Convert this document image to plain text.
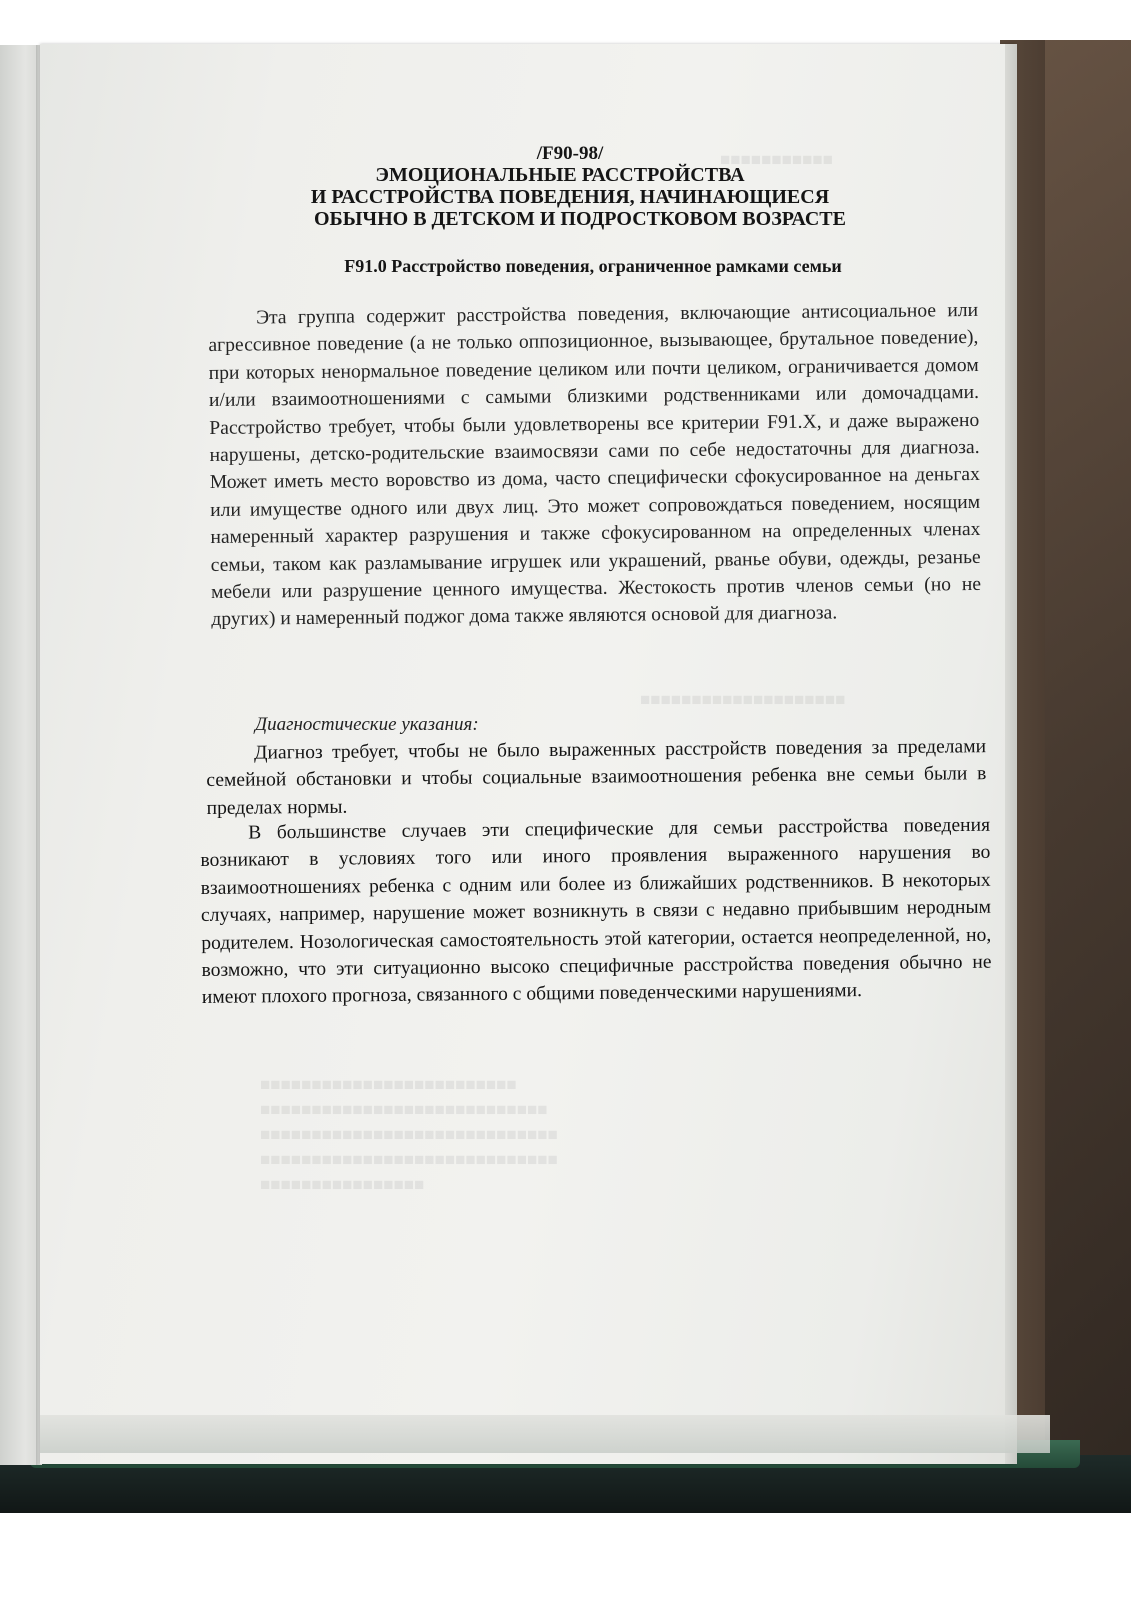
■■■■■■■■■■■
■■■■■■■■■■■■■■■■■■■■
■■■■■■■■■■■■■■■■■■■■■■■■■
■■■■■■■■■■■■■■■■■■■■■■■■■■■■
■■■■■■■■■■■■■■■■■■■■■■■■■■■■■
■■■■■■■■■■■■■■■■■■■■■■■■■■■■■
■■■■■■■■■■■■■■■■
/F90-98/
ЭМОЦИОНАЛЬНЫЕ РАССТРОЙСТВА
И РАССТРОЙСТВА ПОВЕДЕНИЯ, НАЧИНАЮЩИЕСЯ
ОБЫЧНО В ДЕТСКОМ И ПОДРОСТКОВОМ ВОЗРАСТЕ
F91.0 Расстройство поведения, ограниченное рамками семьи
Эта группа содержит расстройства поведения, включающие антисоциальное или агрессивное поведение (а не только оппозиционное, вызывающее, брутальное поведение), при которых ненормальное поведение целиком или почти целиком, ограничивается домом и/или взаимоотношениями с самыми близкими родственниками или домочадцами. Расстройство требует, чтобы были удовлетворены все критерии F91.X, и даже выражено нарушены, детско-родительские взаимосвязи сами по себе недостаточны для диагноза. Может иметь место воровство из дома, часто специфически сфокусированное на деньгах или имуществе одного или двух лиц. Это может сопровождаться поведением, носящим намеренный характер разрушения и также сфокусированном на определенных членах семьи, таком как разламывание игрушек или украшений, рванье обуви, одежды, резанье мебели или разрушение ценного имущества. Жестокость против членов семьи (но не других) и намеренный поджог дома также являются основой для диагноза.
Диагностические указания:
Диагноз требует, чтобы не было выраженных расстройств поведения за пределами семейной обстановки и чтобы социальные взаимоотношения ребенка вне семьи были в пределах нормы.
В большинстве случаев эти специфические для семьи расстройства поведения возникают в условиях того или иного проявления выраженного нарушения во взаимоотношениях ребенка с одним или более из ближайших родственников. В некоторых случаях, например, нарушение может возникнуть в связи с недавно прибывшим неродным родителем. Нозологическая самостоятельность этой категории, остается неопределенной, но, возможно, что эти ситуационно высоко специфичные расстройства поведения обычно не имеют плохого прогноза, связанного с общими поведенческими нарушениями.
